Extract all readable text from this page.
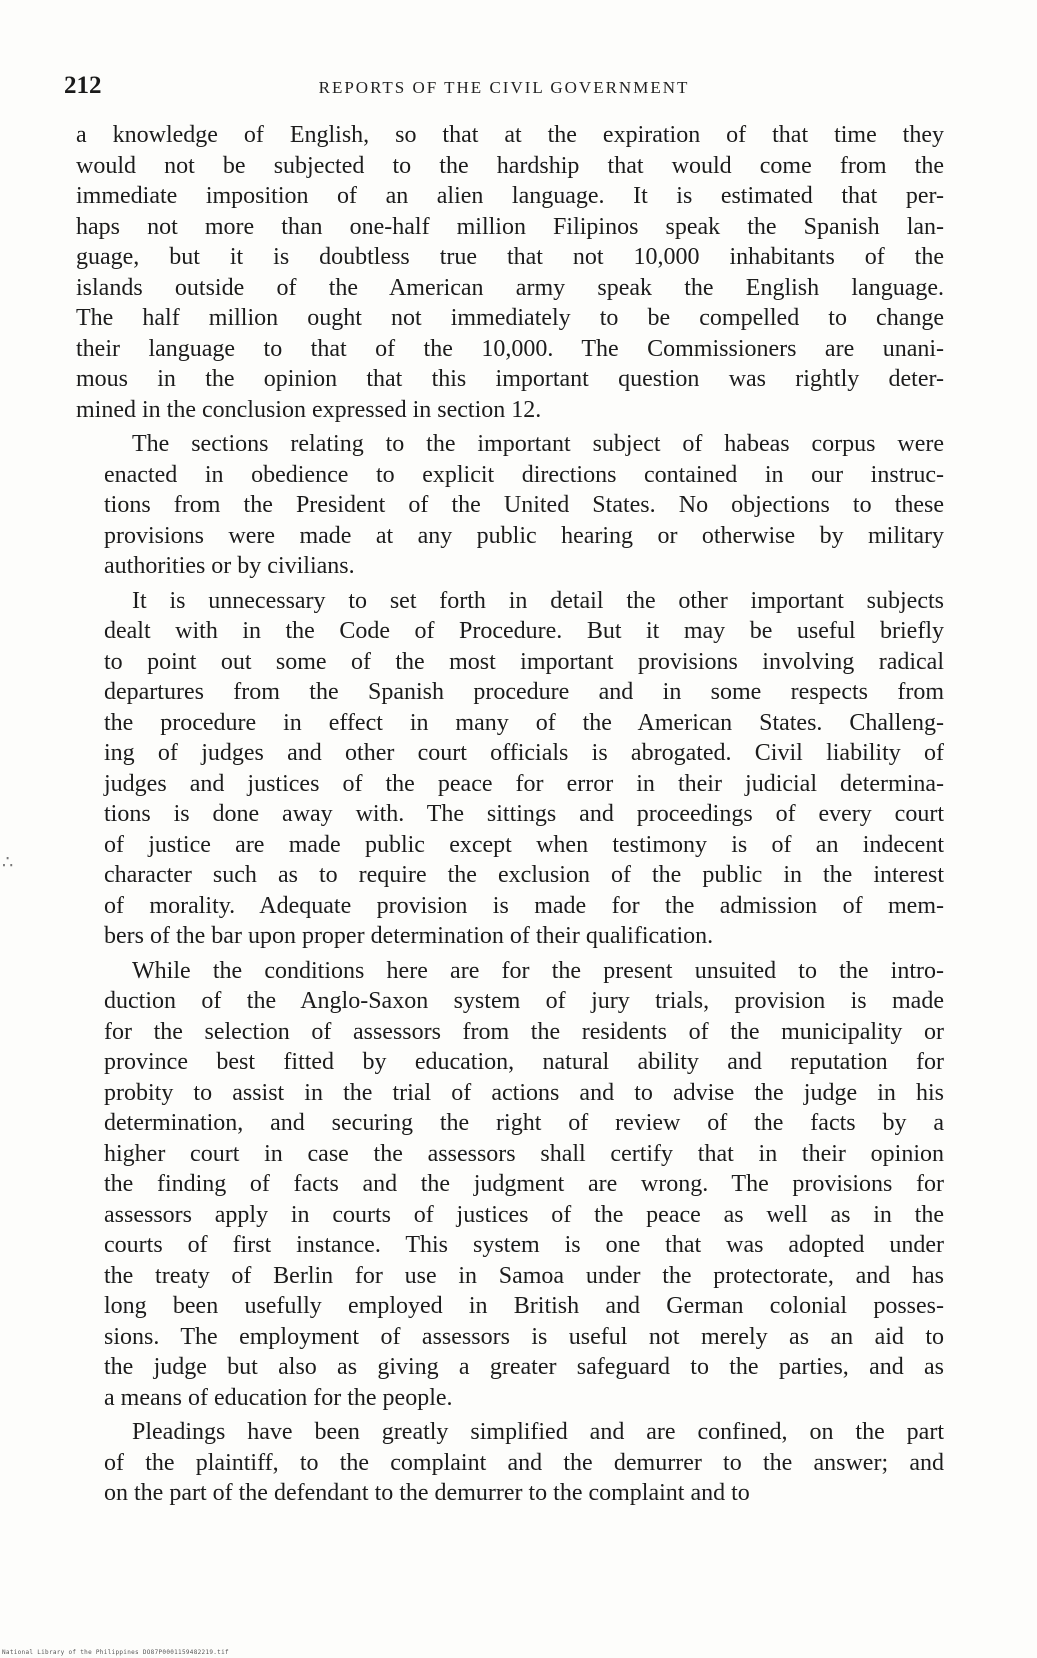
212	REPORTS OF THE CIVIL GOVERNMENT

a knowledge of English, so that at the expiration of that time they
would not be subjected to the hardship that would come from the
immediate imposition of an alien language. It is estimated that per-
haps not more than one-half million Filipinos speak the Spanish lan-
guage, but it is doubtless true that not 10,000 inhabitants of the
islands outside of the American army speak the English language.
The half million ought not immediately to be compelled to change
their language to that of the 10,000. The Commissioners are unani-
mous in the opinion that this important question was rightly deter-
mined in the conclusion expressed in section 12.

The sections relating to the important subject of habeas corpus were
enacted in obedience to explicit directions contained in our instruc-
tions from the President of the United States. No objections to these
provisions were made at any public hearing or otherwise by military
authorities or by civilians.

It is unnecessary to set forth in detail the other important subjects
dealt with in the Code of Procedure. But it may be useful briefly
to point out some of the most important provisions involving radical
departures from the Spanish procedure and in some respects from
the procedure in effect in many of the American States. Challeng-
ing of judges and other court officials is abrogated. Civil liability of
judges and justices of the peace for error in their judicial determina-
tions is done away with. The sittings and proceedings of every court
of justice are made public except when testimony is of an indecent
character such as to require the exclusion of the public in the interest
of morality. Adequate provision is made for the admission of mem-
bers of the bar upon proper determination of their qualification.

While the conditions here are for the present unsuited to the intro-
duction of the Anglo-Saxon system of jury trials, provision is made
for the selection of assessors from the residents of the municipality or
province best fitted by education, natural ability and reputation for
probity to assist in the trial of actions and to advise the judge in his
determination, and securing the right of review of the facts by a
higher court in case the assessors shall certify that in their opinion
the finding of facts and the judgment are wrong. The provisions for
assessors apply in courts of justices of the peace as well as in the
courts of first instance. This system is one that was adopted under
the treaty of Berlin for use in Samoa under the protectorate, and has
long been usefully employed in British and German colonial posses-
sions. The employment of assessors is useful not merely as an aid to
the judge but also as giving a greater safeguard to the parties, and as
a means of education for the people.

Pleadings have been greatly simplified and are confined, on the part
of the plaintiff, to the complaint and the demurrer to the answer; and
on the part of the defendant to the demurrer to the complaint and to

∴
National Library of the Philippines DO87P0001159482219.tif
